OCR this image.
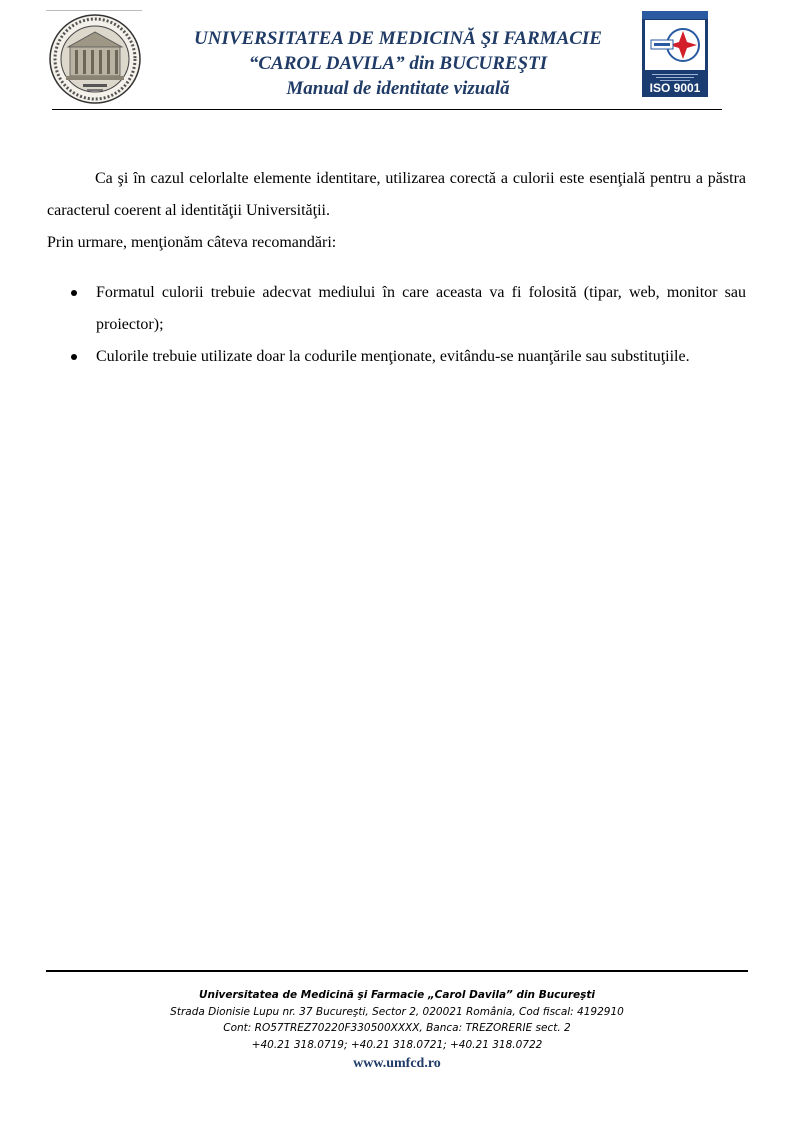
UNIVERSITATEA DE MEDICINĂ ŞI FARMACIE
“CAROL DAVILA” din BUCUREŞTI
Manual de identitate vizuală	ISO 9001

Ca şi în cazul celorlalte elemente identitare, utilizarea corectă a culorii este esenţială pentru a păstra caracterul coerent al identităţii Universităţii.

Prin urmare, menţionăm câteva recomandări:

Formatul culorii trebuie adecvat mediului în care aceasta va fi folosită (tipar, web, monitor sau proiector);
Culorile trebuie utilizate doar la codurile menţionate, evitându-se nuanţările sau substituţiile.
Universitatea de Medicină şi Farmacie „Carol Davila” din Bucureşti
Strada Dionisie Lupu nr. 37 Bucureşti, Sector 2, 020021 România, Cod fiscal: 4192910
Cont: RO57TREZ70220F330500XXXX, Banca: TREZORERIE sect. 2
+40.21 318.0719; +40.21 318.0721; +40.21 318.0722
www.umfcd.ro
